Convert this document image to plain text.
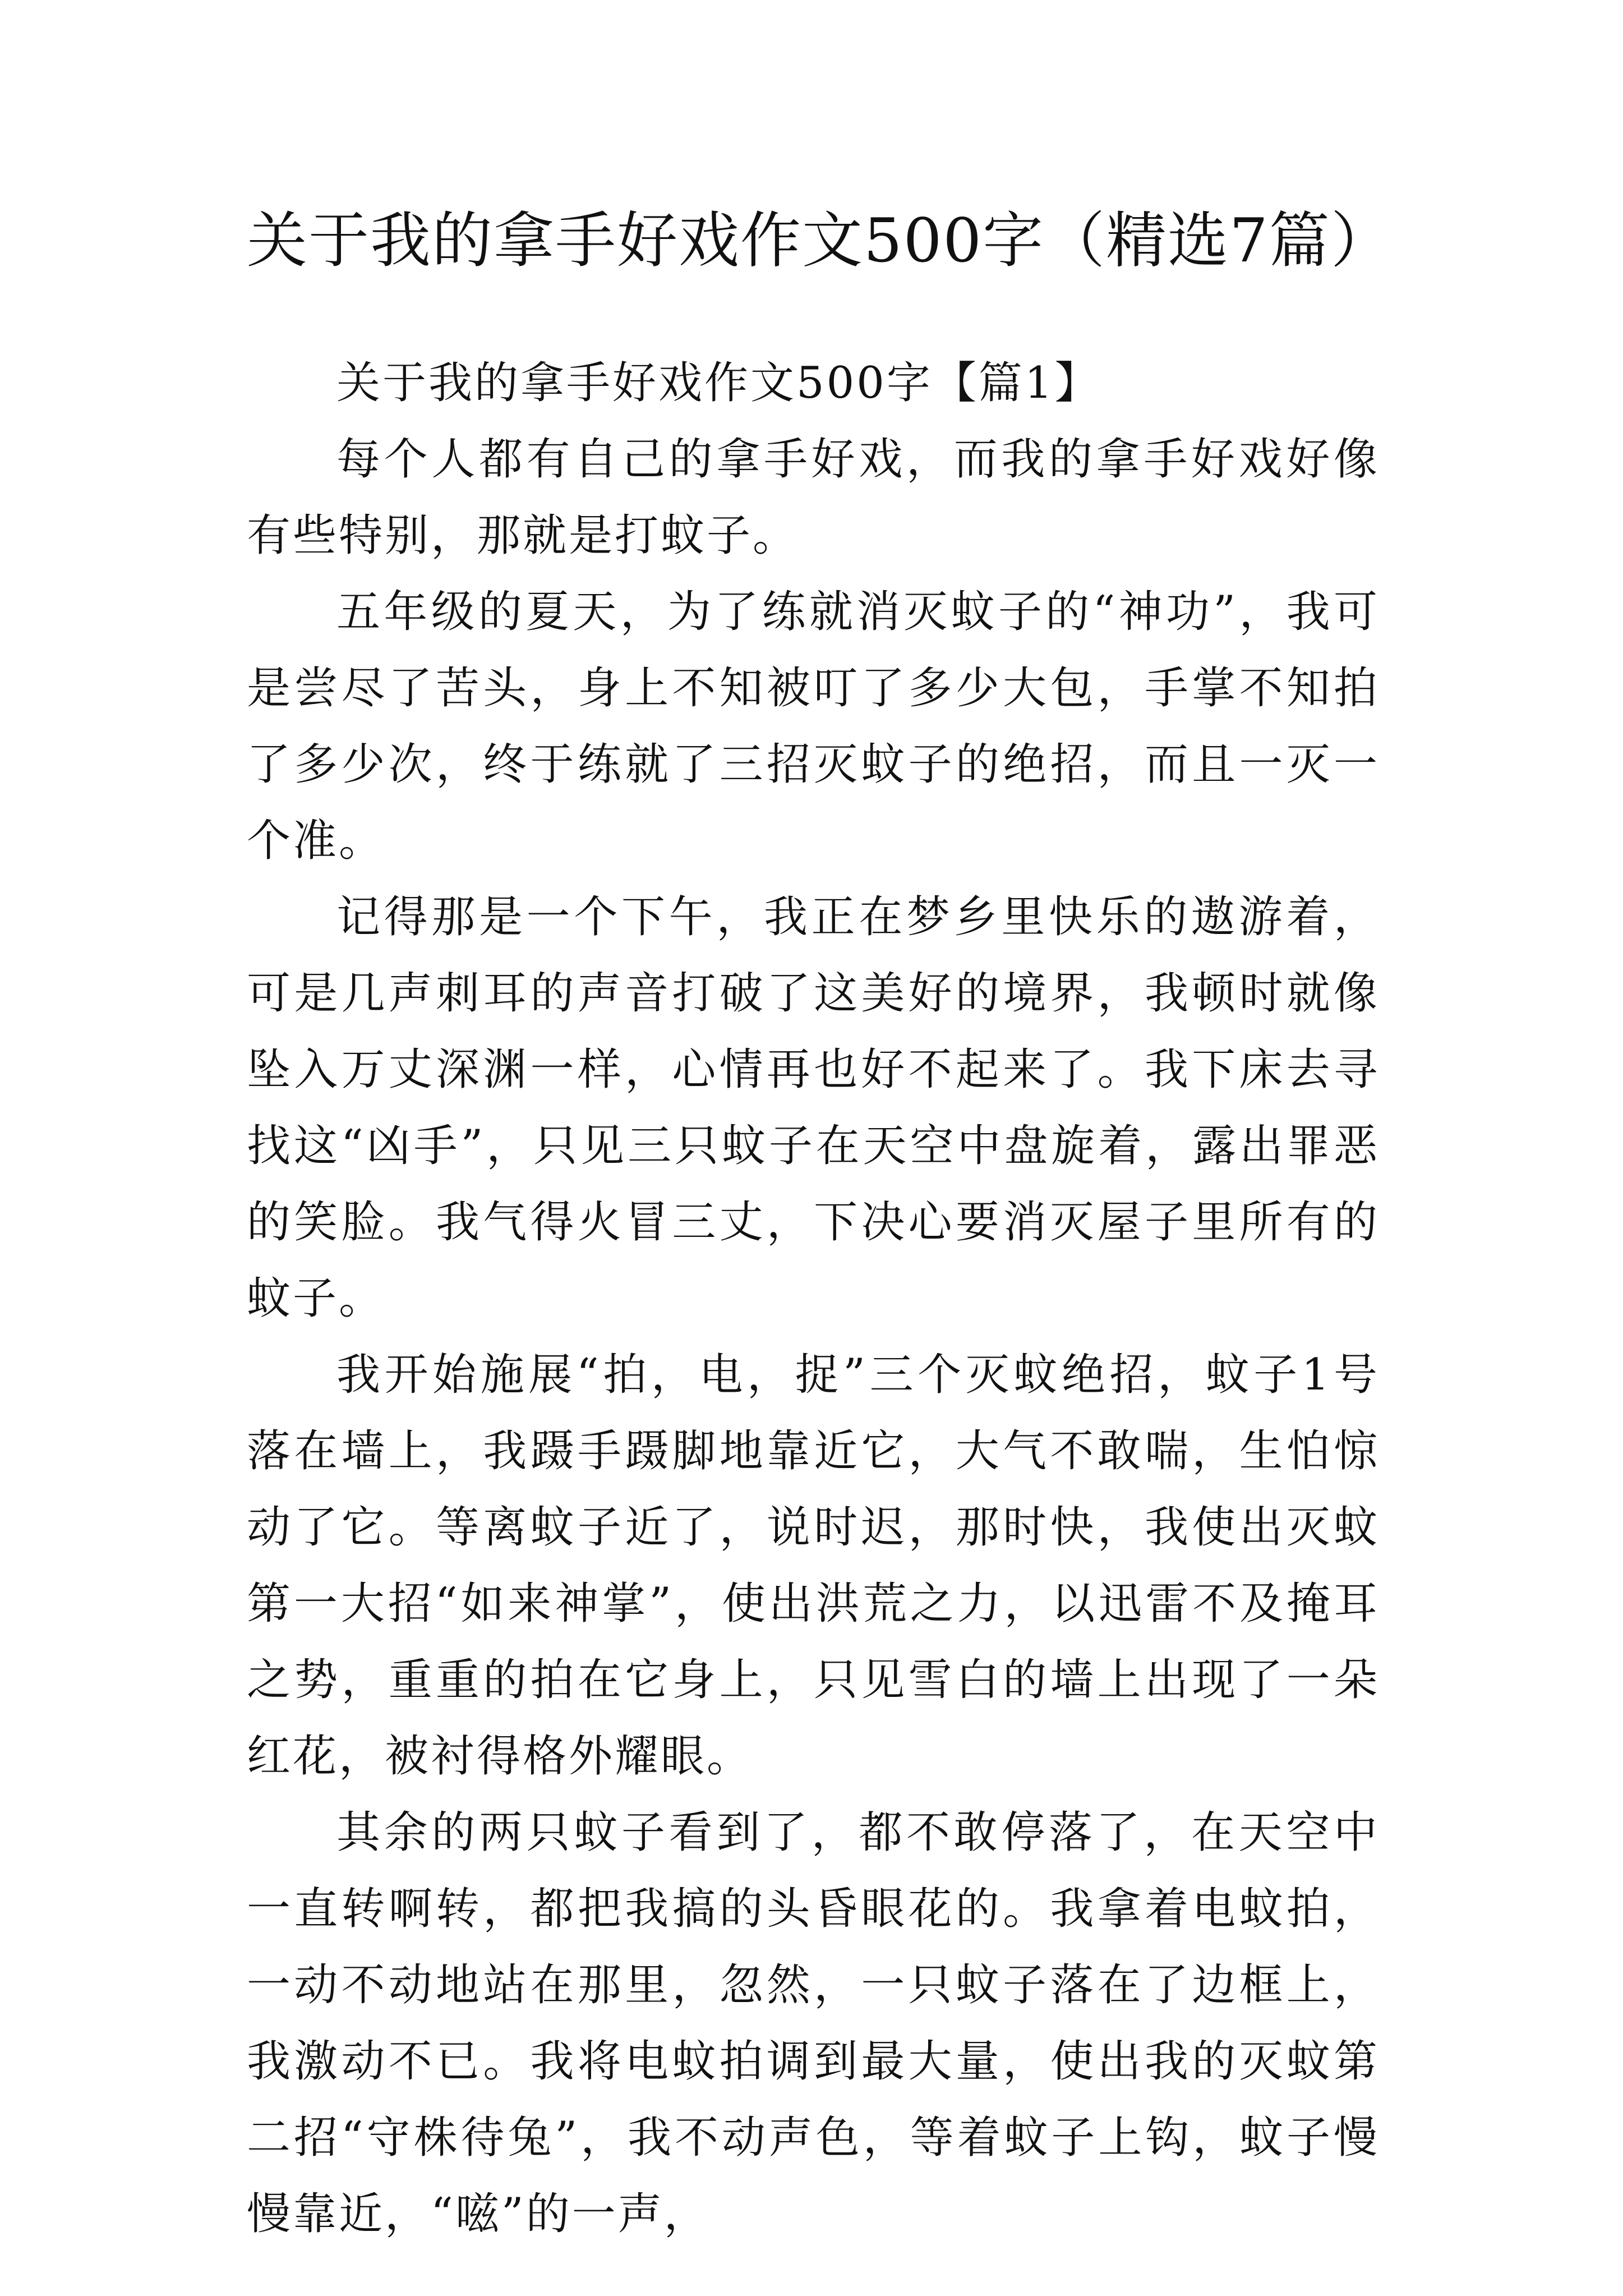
关于我的拿手好戏作文500字（精选7篇）

关于我的拿手好戏作文500字【篇1】

每个人都有自己的拿手好戏，而我的拿手好戏好像有些特别，那就是打蚊子。

五年级的夏天，为了练就消灭蚊子的“神功”，我可是尝尽了苦头，身上不知被叮了多少大包，手掌不知拍了多少次，终于练就了三招灭蚊子的绝招，而且一灭一个准。

记得那是一个下午，我正在梦乡里快乐的遨游着，可是几声刺耳的声音打破了这美好的境界，我顿时就像坠入万丈深渊一样，心情再也好不起来了。我下床去寻找这“凶手”，只见三只蚊子在天空中盘旋着，露出罪恶的笑脸。我气得火冒三丈，下决心要消灭屋子里所有的蚊子。

我开始施展“拍，电，捉”三个灭蚊绝招，蚊子1号落在墙上，我蹑手蹑脚地靠近它，大气不敢喘，生怕惊动了它。等离蚊子近了，说时迟，那时快，我使出灭蚊第一大招“如来神掌”，使出洪荒之力，以迅雷不及掩耳之势，重重的拍在它身上，只见雪白的墙上出现了一朵红花，被衬得格外耀眼。

其余的两只蚊子看到了，都不敢停落了，在天空中一直转啊转，都把我搞的头昏眼花的。我拿着电蚊拍，一动不动地站在那里，忽然，一只蚊子落在了边框上，我激动不已。我将电蚊拍调到最大量，使出我的灭蚊第二招“守株待兔”，我不动声色，等着蚊子上钩，蚊子慢慢靠近，“嗞”的一声，
